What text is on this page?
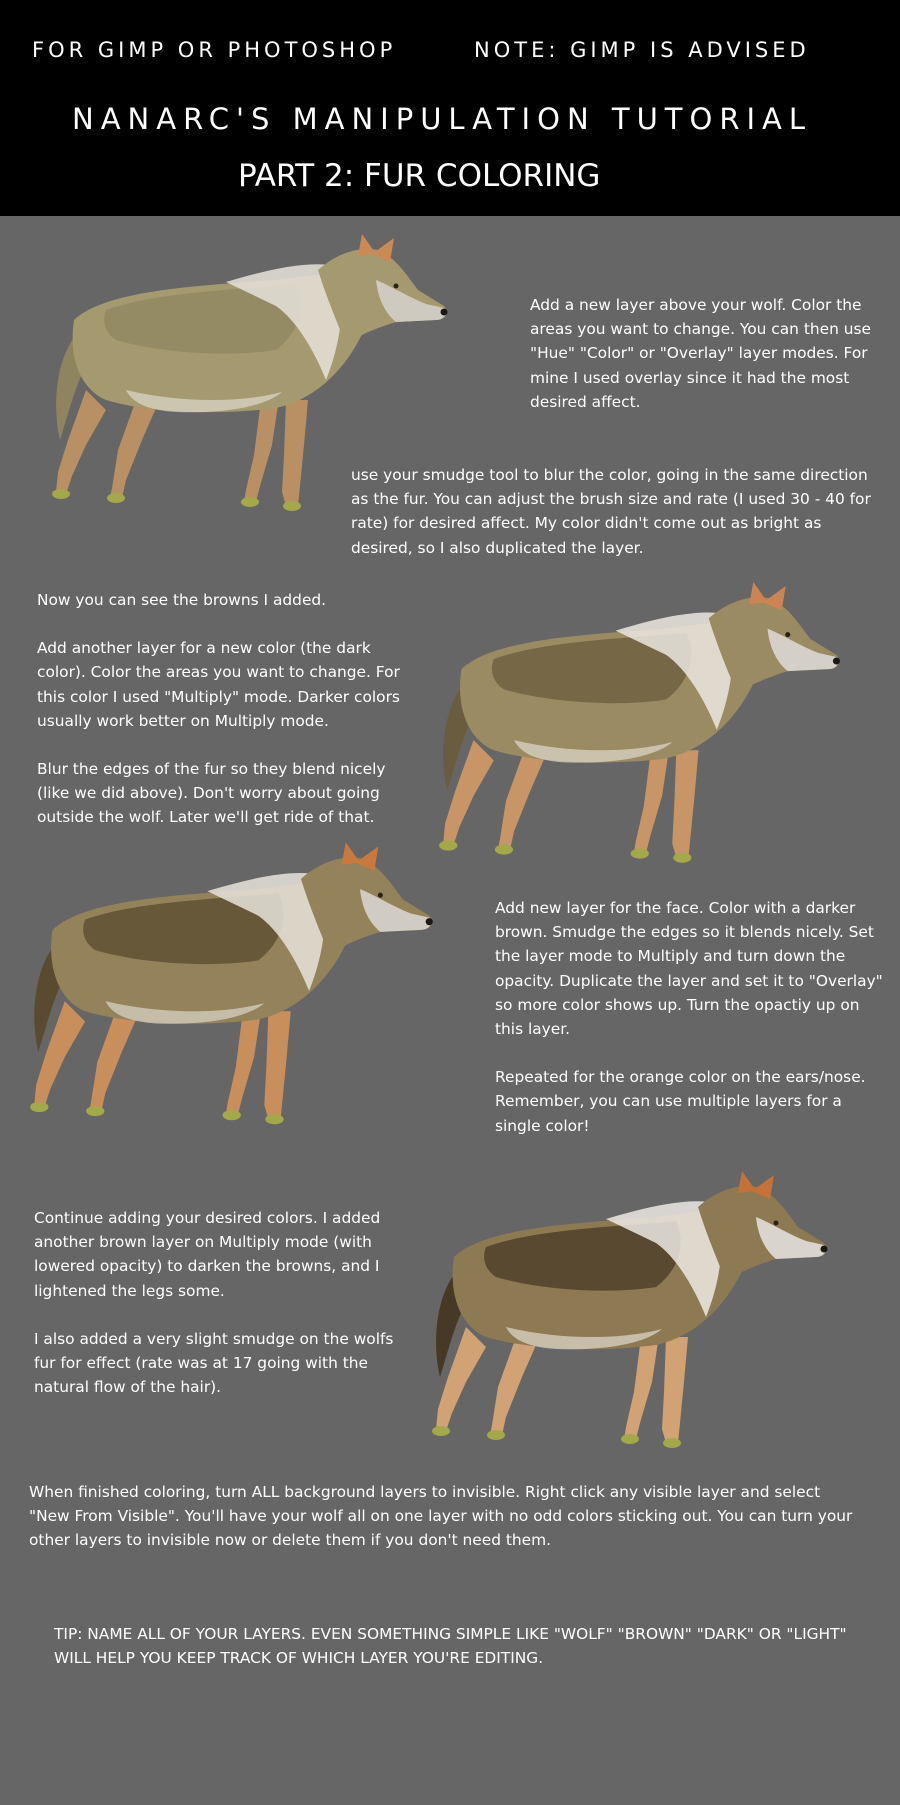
FOR GIMP OR PHOTOSHOP	NOTE: GIMP IS ADVISED
NANARC'S MANIPULATION TUTORIAL
PART 2: FUR COLORING

Add a new layer above your wolf. Color the areas you want to change. You can then use "Hue" "Color" or "Overlay" layer modes. For mine I used overlay since it had the most desired affect.

use your smudge tool to blur the color, going in the same direction as the fur. You can adjust the brush size and rate (I used 30 - 40 for rate) for desired affect. My color didn't come out as bright as desired, so I also duplicated the layer.

Now you can see the browns I added.

Add another layer for a new color (the dark color). Color the areas you want to change. For this color I used "Multiply" mode. Darker colors usually work better on Multiply mode.

Blur the edges of the fur so they blend nicely (like we did above). Don't worry about going outside the wolf. Later we'll get ride of that.

Add new layer for the face. Color with a darker brown. Smudge the edges so it blends nicely. Set the layer mode to Multiply and turn down the opacity. Duplicate the layer and set it to "Overlay" so more color shows up. Turn the opactiy up on this layer.

Repeated for the orange color on the ears/nose. Remember, you can use multiple layers for a single color!

Continue adding your desired colors. I added another brown layer on Multiply mode (with lowered opacity) to darken the browns, and I lightened the legs some.

I also added a very slight smudge on the wolfs fur for effect (rate was at 17 going with the natural flow of the hair).

When finished coloring, turn ALL background layers to invisible. Right click any visible layer and select "New From Visible". You'll have your wolf all on one layer with no odd colors sticking out. You can turn your other layers to invisible now or delete them if you don't need them.

TIP: NAME ALL OF YOUR LAYERS. EVEN SOMETHING SIMPLE LIKE "WOLF" "BROWN" "DARK" OR "LIGHT" WILL HELP YOU KEEP TRACK OF WHICH LAYER YOU'RE EDITING.
